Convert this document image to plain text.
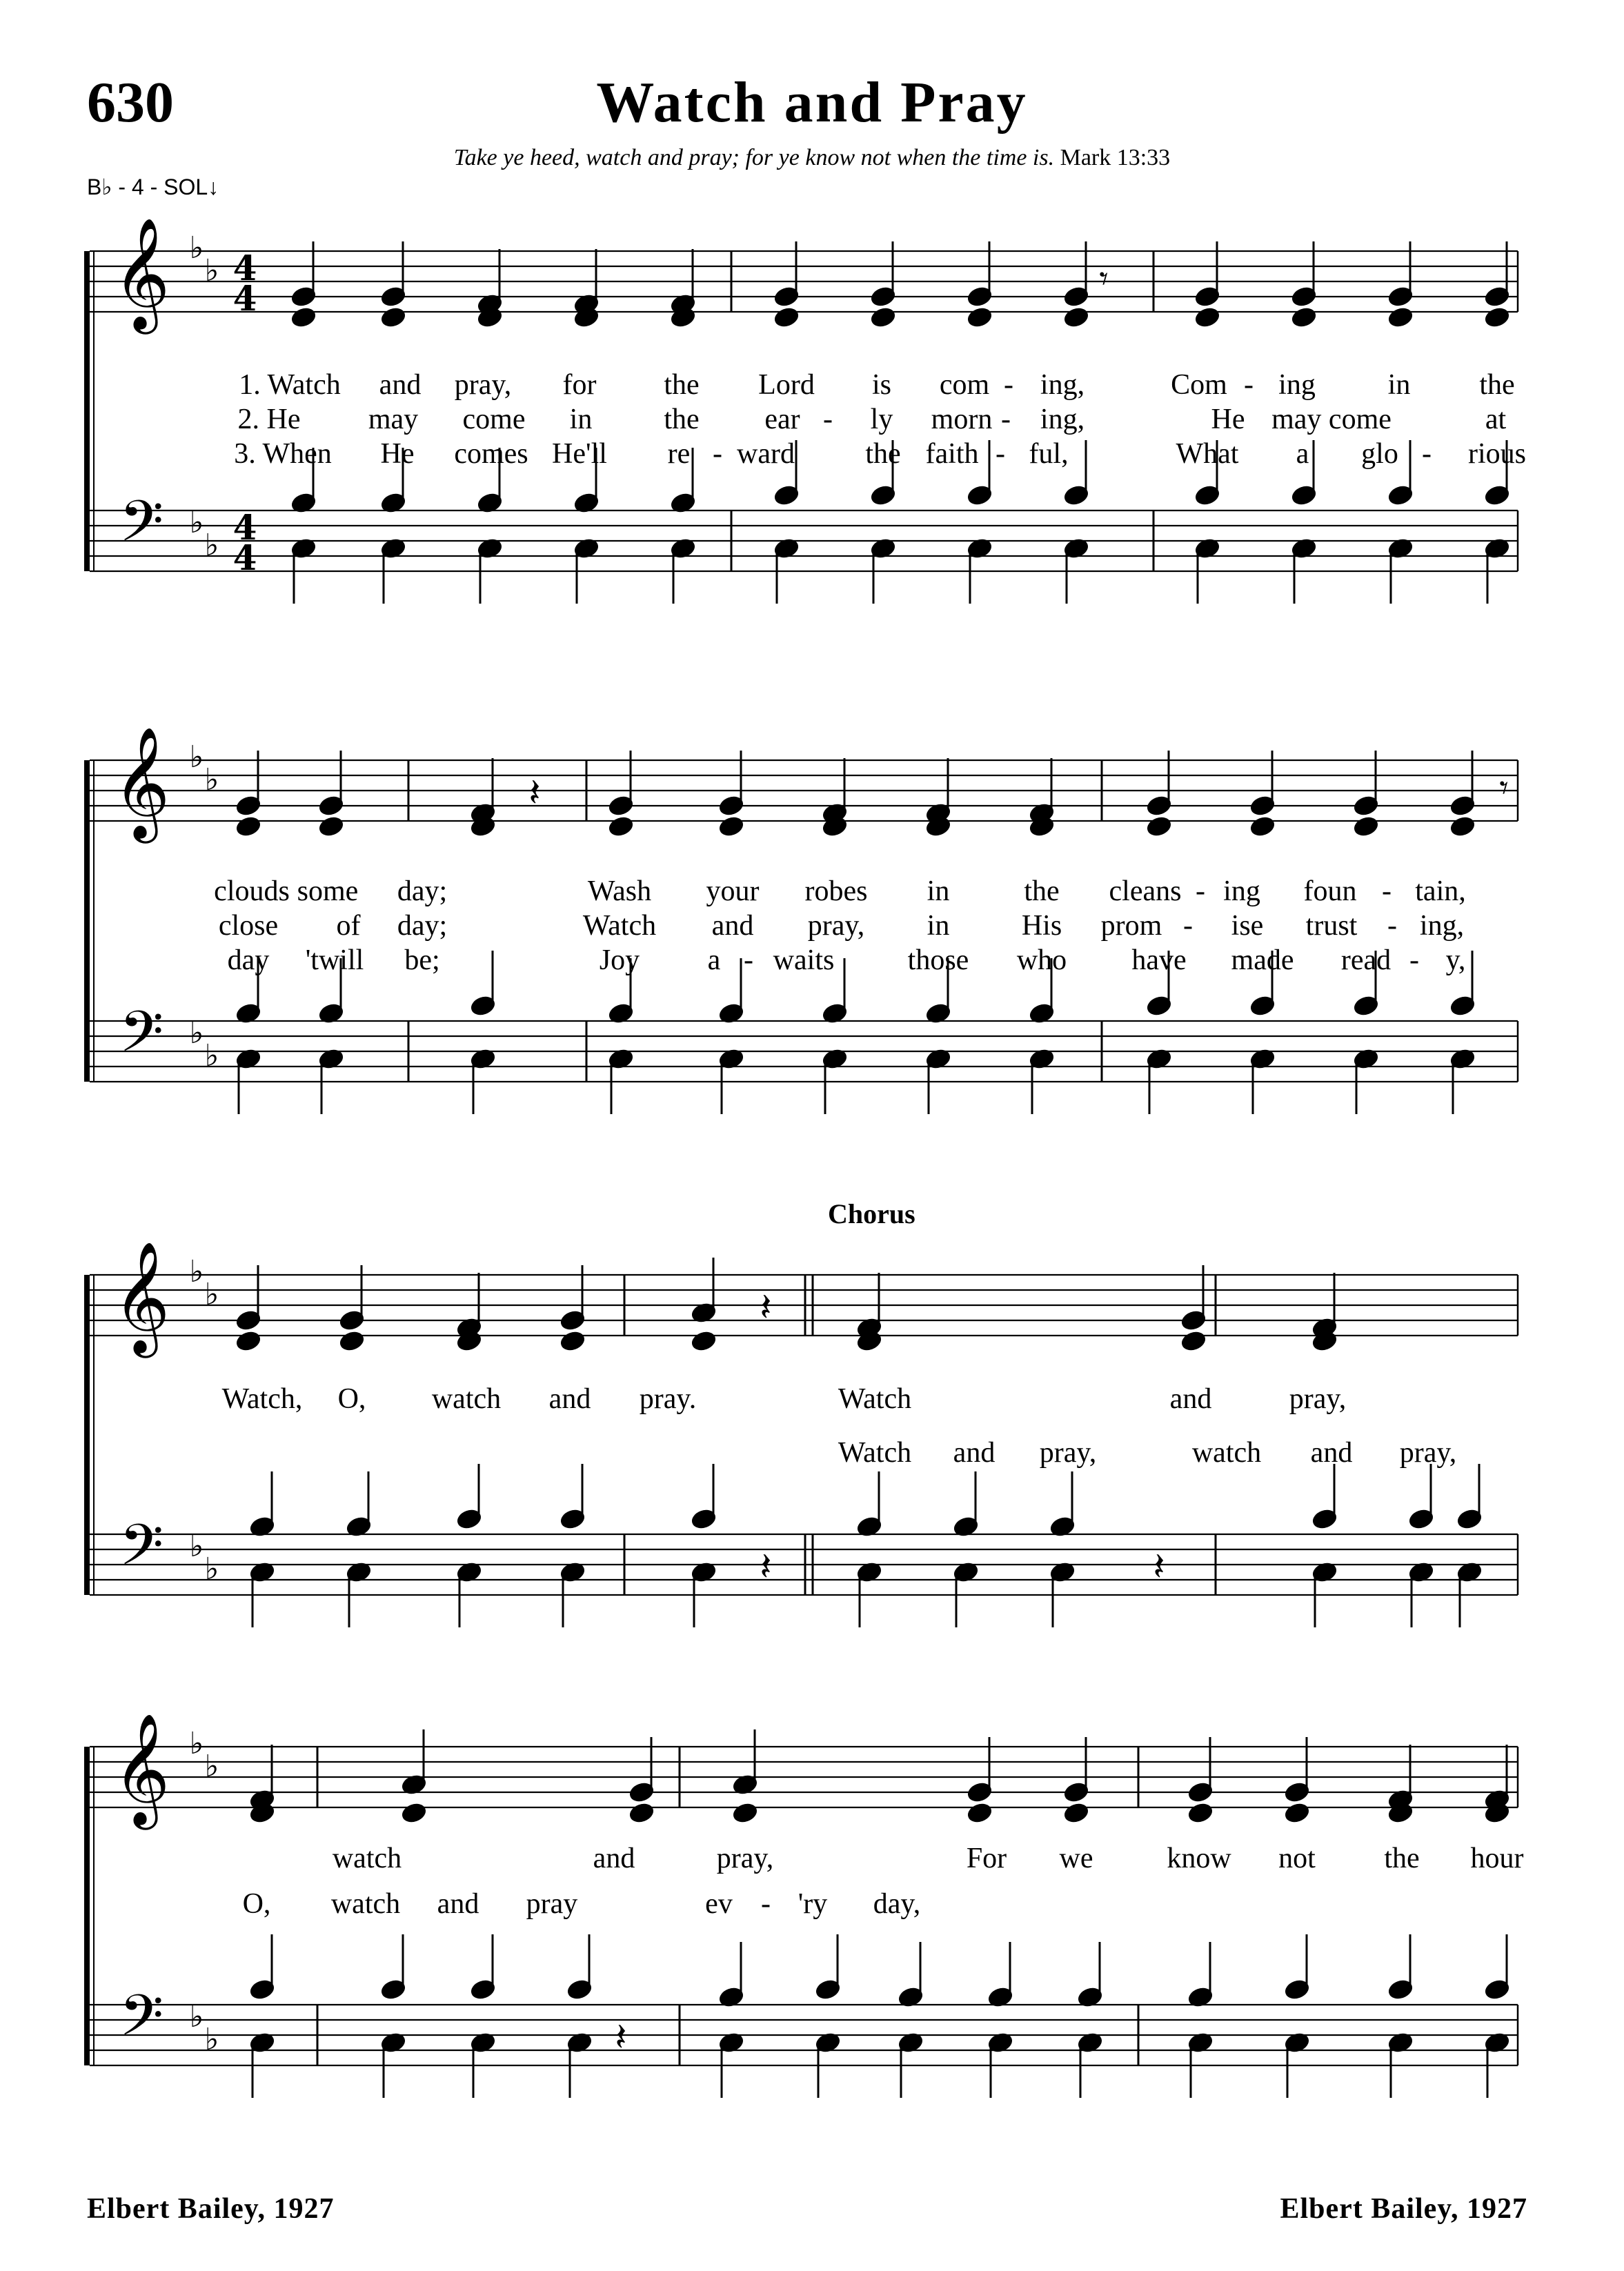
630	Watch and Pray
Take ye heed, watch and pray; for ye know not when the time is. Mark 13:33
B♭ - 4 - SOL↓
Chorus
Elbert Bailey, 1927	Elbert Bailey, 1927
𝄞
𝄢
♭
♭
♭
♭
4
4
4
4
𝄾
𝄞
𝄢
♭
♭
♭
♭
𝄽	𝄾
𝄞
𝄢
♭
♭
♭
♭
𝄽
𝄽
𝄽
𝄞
𝄢
♭
♭
♭
♭	𝄽
1. Watch and pray, for the Lord is com - ing,	Com - ing in the
2. He may come in the ear - ly morn - ing,	He may come	at
3. When He comes He'll re - ward the faith - ful,	What a glo - rious
clouds some day;	Wash your robes in	the cleans - ing foun - tain,
close of day;	Watch and pray, in His prom - ise trust - ing,
day 'twill be;	Joy a - waits	those who have made read - y,
Watch, O, watch and pray.	Watch	and	pray,
Watch and pray,	watch and pray,
watch	and	pray,	For we	know not the hour
O, watch and pray	ev - 'ry day,
